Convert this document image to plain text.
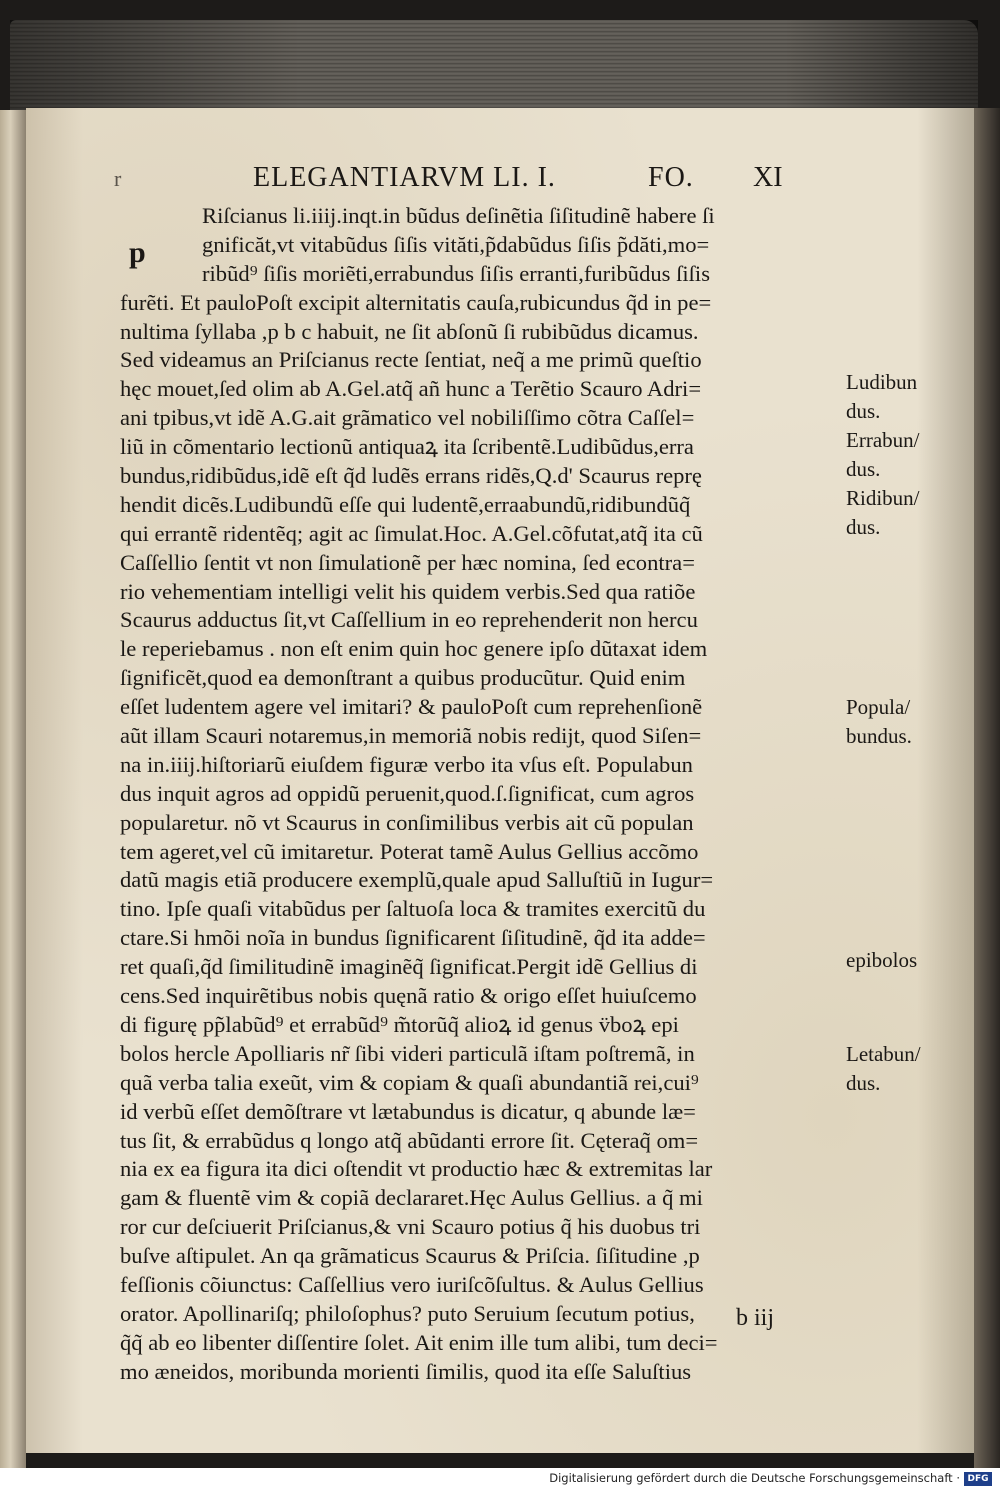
r	ELEGANTIARVM LI. I.	FO. XI
p
Riſcianus li.iiij.inqt.in bũdus deſinẽtia ſiſitudinẽ habere ſi
gnificăt,vt vitabũdus ſiſis vităti,p̃dabũdus ſiſis p̃dăti,mo=
ribũd⁹ ſiſis moriẽti,errabundus ſiſis erranti,furibũdus ſiſis
furẽti. Et pauloPoſt excipit alternitatis cauſa,rubicundus q̃d in pe=
nultima ſyllaba ,p b c habuit, ne ſit abſonũ ſi rubibũdus dicamus.
Sed videamus an Priſcianus recte ſentiat, neq̃ a me primũ queſtio
hęc mouet,ſed olim ab A.Gel.atq̃ añ hunc a Terẽtio Scauro Adri=
ani tpibus,vt idẽ A.G.ait grãmatico vel nobiliſſimo cõtra Caſſel=
liũ in cõmentario lectionũ antiquaꝝ ita ſcribentẽ.Ludibũdus,erra
bundus,ridibũdus,idẽ eſt q̃d ludẽs errans ridẽs,Q.d' Scaurus reprę
hendit dicẽs.Ludibundũ eſſe qui ludentẽ,erraabundũ,ridibundũq̃
qui errantẽ ridentẽq; agit ac ſimulat.Hoc. A.Gel.cõfutat,atq̃ ita cũ
Caſſellio ſentit vt non ſimulationẽ per hæc nomina, ſed econtra=
rio vehementiam intelligi velit his quidem verbis.Sed qua ratiõe
Scaurus adductus ſit,vt Caſſellium in eo reprehenderit non hercu
le reperiebamus . non eſt enim quin hoc genere ipſo dũtaxat idem
ſignificẽt,quod ea demonſtrant a quibus producũtur. Quid enim
eſſet ludentem agere vel imitari? & pauloPoſt cum reprehenſionẽ
aũt illam Scauri notaremus,in memoriã nobis redijt, quod Siſen=
na in.iiij.hiſtoriarũ eiuſdem figuræ verbo ita vſus eſt. Populabun
dus inquit agros ad oppidũ peruenit,quod.ſ.ſignificat, cum agros
popularetur. nõ vt Scaurus in conſimilibus verbis ait cũ populan
tem ageret,vel cũ imitaretur. Poterat tamẽ Aulus Gellius accõmo
datũ magis etiã producere exemplũ,quale apud Salluſtiũ in Iugur=
tino. Ipſe quaſi vitabũdus per ſaltuoſa loca & tramites exercitũ du
ctare.Si hmõi noĩa in bundus ſignificarent ſiſitudinẽ, q̃d ita adde=
ret quaſi,q̃d ſimilitudinẽ imaginẽq̃ ſignificat.Pergit idẽ Gellius di
cens.Sed inquirẽtibus nobis quęnã ratio & origo eſſet huiuſcemo
di figurę pp̃labũd⁹ et errabũd⁹ m̃torũq̃ alioꝝ id genus v̈boꝝ epi
bolos hercle Apolliaris nr̃ ſibi videri particulã iſtam poſtremã, in
quã verba talia exeũt, vim & copiam & quaſi abundantiã rei,cui⁹
id verbũ eſſet demõſtrare vt lætabundus is dicatur, q abunde læ=
tus ſit, & errabũdus q longo atq̃ abũdanti errore ſit. Cęteraq̃ om=
nia ex ea figura ita dici oſtendit vt productio hæc & extremitas lar
gam & fluentẽ vim & copiã declararet.Hęc Aulus Gellius. a q̃ mi
ror cur deſciuerit Priſcianus,& vni Scauro potius q̃ his duobus tri
buſve aſtipulet. An qa grãmaticus Scaurus & Priſcia. ſiſitudine ,p
feſſionis cõiunctus: Caſſellius vero iuriſcõſultus. & Aulus Gellius
orator. Apollinariſq; philoſophus? puto Seruium ſecutum potius,
q̃q̃ ab eo libenter diſſentire ſolet. Ait enim ille tum alibi, tum deci=
mo æneidos, moribunda morienti ſimilis, quod ita eſſe Saluſtius
Ludibun
dus.
Errabun/
dus.
Ridibun/
dus.
Popula/
bundus.
epibolos
Letabun/
dus.
b iij
Digitalisierung gefördert durch die Deutsche Forschungsgemeinschaft · DFG
